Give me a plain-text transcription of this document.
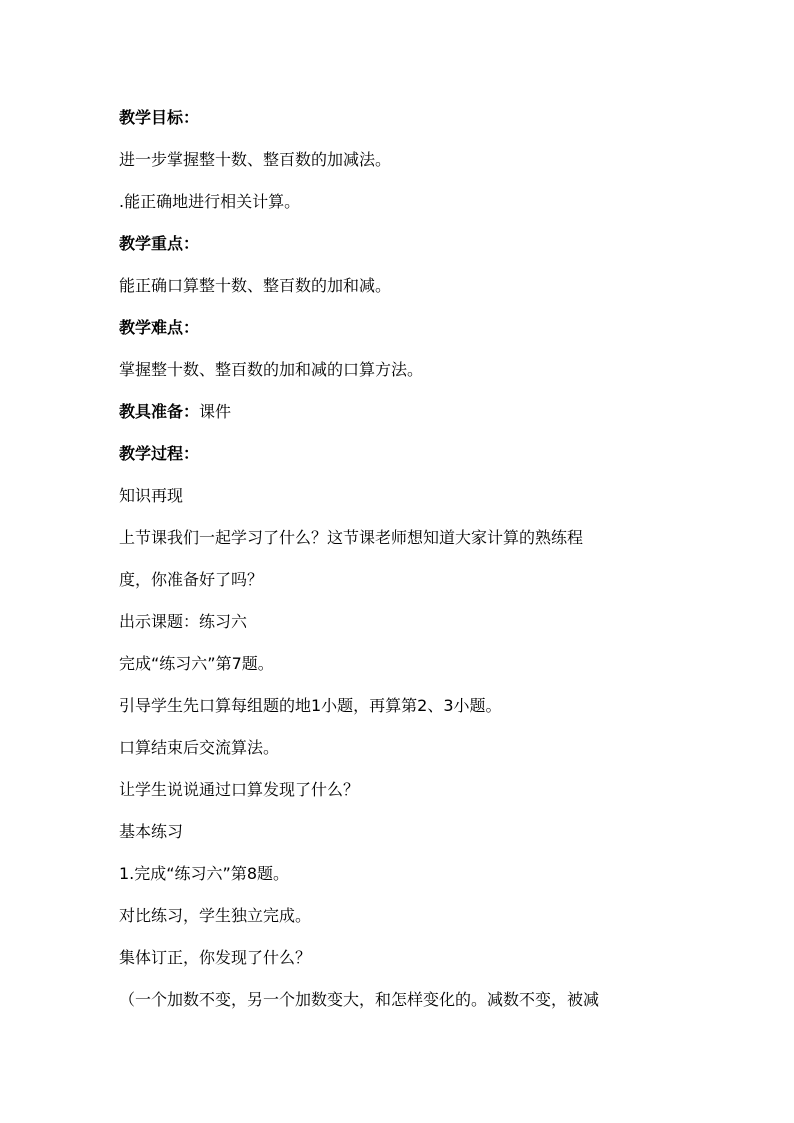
教学目标：
进一步掌握整十数、整百数的加减法。
.能正确地进行相关计算。
教学重点：
能正确口算整十数、整百数的加和减。
教学难点：
掌握整十数、整百数的加和减的口算方法。
教具准备：课件
教学过程：
知识再现
上节课我们一起学习了什么？这节课老师想知道大家计算的熟练程
度，你准备好了吗？
出示课题：练习六
完成“练习六”第7题。
引导学生先口算每组题的地1小题，再算第2、3小题。
口算结束后交流算法。
让学生说说通过口算发现了什么？
基本练习
1.完成“练习六”第8题。
对比练习，学生独立完成。
集体订正，你发现了什么？
（一个加数不变，另一个加数变大，和怎样变化的。减数不变，被减
